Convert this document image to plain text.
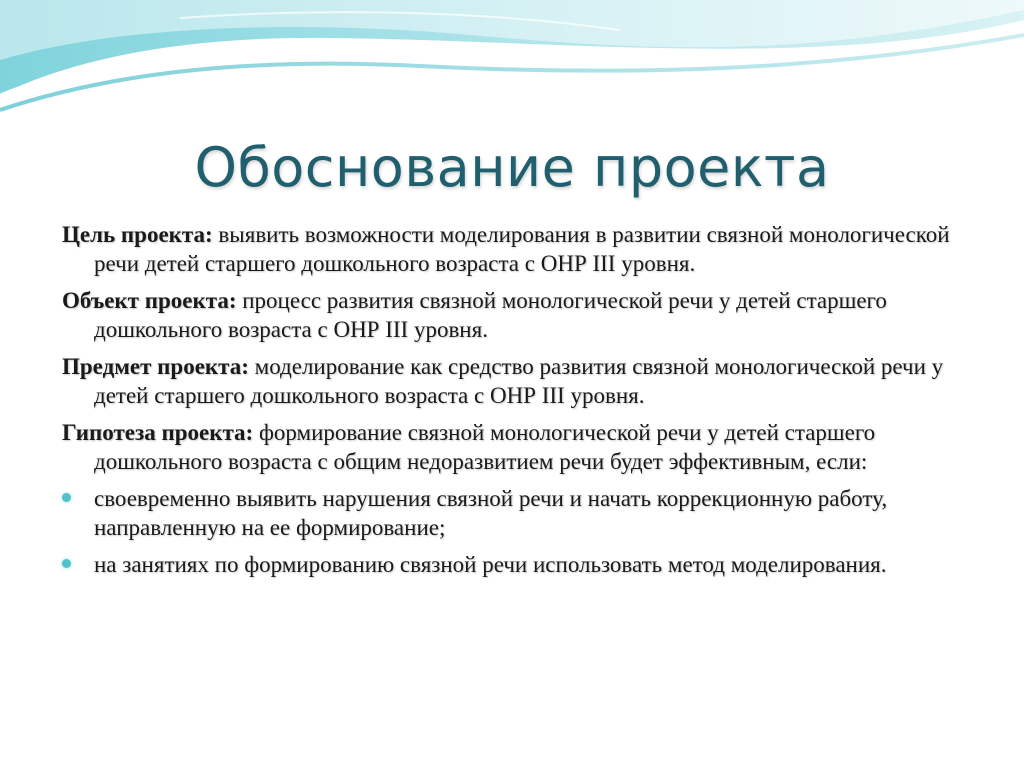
Обоснование проекта

Цель проекта: выявить возможности моделирования в развитии связной монологической речи детей старшего дошкольного возраста с ОНР III уровня.

Объект проекта: процесс развития связной монологической речи у детей старшего дошкольного возраста с ОНР III уровня.

Предмет проекта: моделирование как средство развития связной монологической речи у детей старшего дошкольного возраста с ОНР III уровня.

Гипотеза проекта: формирование связной монологической речи у детей старшего дошкольного возраста с общим недоразвитием речи будет эффективным, если:

своевременно выявить нарушения связной речи и начать коррекционную работу, направленную на ее формирование;
на занятиях по формированию связной речи использовать метод моделирования.
